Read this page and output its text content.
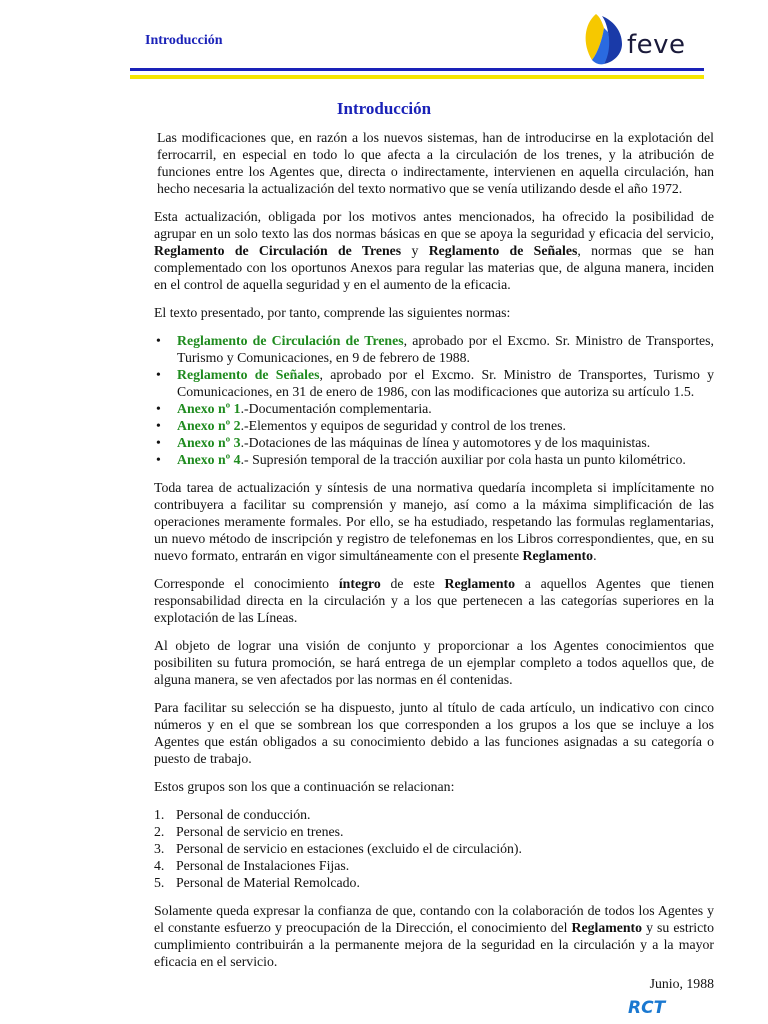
Introducción	feve
Introducción

Las modificaciones que, en razón a los nuevos sistemas, han de introducirse en la explotación del ferrocarril, en especial en todo lo que afecta a la circulación de los trenes, y la atribución de funciones entre los Agentes que, directa o indirectamente, intervienen en aquella circulación, han hecho necesaria la actualización del texto normativo que se venía utilizando desde el año 1972.

Esta actualización, obligada por los motivos antes mencionados, ha ofrecido la posibilidad de agrupar en un solo texto las dos normas básicas en que se apoya la seguridad y eficacia del servicio, Reglamento de Circulación de Trenes y Reglamento de Señales, normas que se han complementado con los oportunos Anexos para regular las materias que, de alguna manera, inciden en el control de aquella seguridad y en el aumento de la eficacia.

El texto presentado, por tanto, comprende las siguientes normas:

• Reglamento de Circulación de Trenes, aprobado por el Excmo. Sr. Ministro de Transportes, Turismo y Comunicaciones, en 9 de febrero de 1988.
• Reglamento de Señales, aprobado por el Excmo. Sr. Ministro de Transportes, Turismo y Comunicaciones, en 31 de enero de 1986, con las modificaciones que autoriza su artículo 1.5.
• Anexo nº 1.-Documentación complementaria.
• Anexo nº 2.-Elementos y equipos de seguridad y control de los trenes.
• Anexo nº 3.-Dotaciones de las máquinas de línea y automotores y de los maquinistas.
• Anexo nº 4.- Supresión temporal de la tracción auxiliar por cola hasta un punto kilométrico.

Toda tarea de actualización y síntesis de una normativa quedaría incompleta si implícitamente no contribuyera a facilitar su comprensión y manejo, así como a la máxima simplificación de las operaciones meramente formales. Por ello, se ha estudiado, respetando las formulas reglamentarias, un nuevo método de inscripción y registro de telefonemas en los Libros correspondientes, que, en su nuevo formato, entrarán en vigor simultáneamente con el presente Reglamento.

Corresponde el conocimiento íntegro de este Reglamento a aquellos Agentes que tienen responsabilidad directa en la circulación y a los que pertenecen a las categorías superiores en la explotación de las Líneas.

Al objeto de lograr una visión de conjunto y proporcionar a los Agentes conocimientos que posibiliten su futura promoción, se hará entrega de un ejemplar completo a todos aquellos que, de alguna manera, se ven afectados por las normas en él contenidas.

Para facilitar su selección se ha dispuesto, junto al título de cada artículo, un indicativo con cinco números y en el que se sombrean los que corresponden a los grupos a los que se incluye a los Agentes que están obligados a su conocimiento debido a las funciones asignadas a su categoría o puesto de trabajo.

Estos grupos son los que a continuación se relacionan:

1. Personal de conducción.
2. Personal de servicio en trenes.
3. Personal de servicio en estaciones (excluido el de circulación).
4. Personal de Instalaciones Fijas.
5. Personal de Material Remolcado.

Solamente queda expresar la confianza de que, contando con la colaboración de todos los Agentes y el constante esfuerzo y preocupación de la Dirección, el conocimiento del Reglamento y su estricto cumplimiento contribuirán a la permanente mejora de la seguridad en la circulación y a la mayor eficacia en el servicio.

Junio, 1988
RCT
